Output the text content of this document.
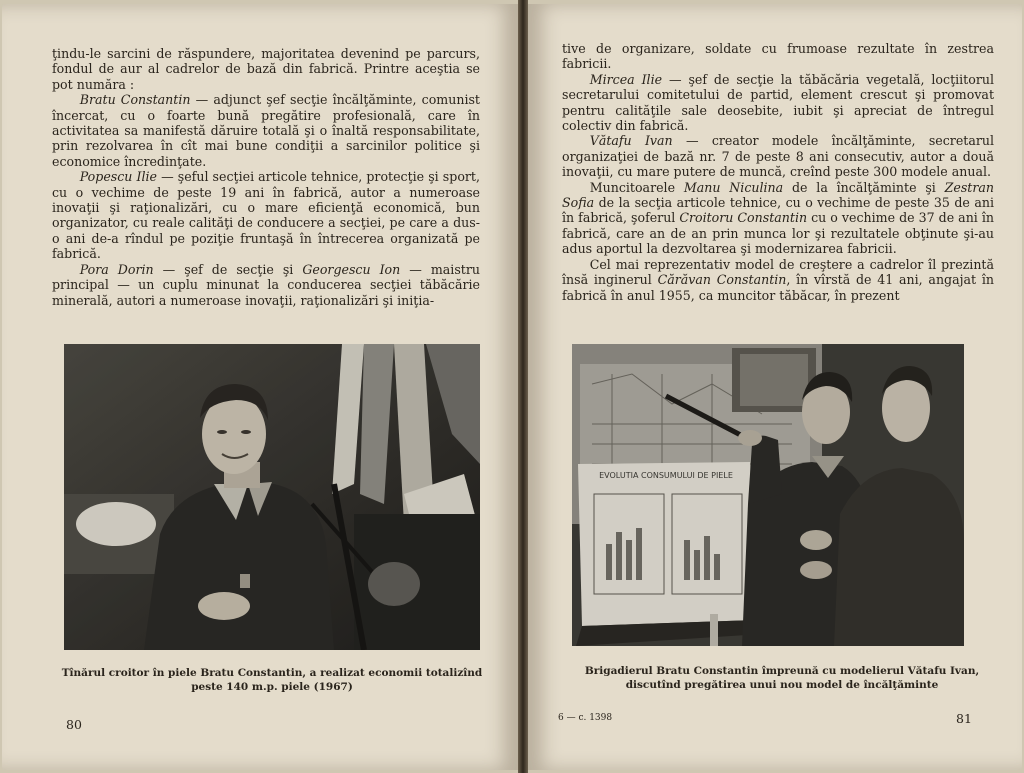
ţindu-le sarcini de răspundere, majoritatea devenind pe parcurs, fondul de aur al cadrelor de bază din fabrică. Printre aceştia se pot număra :

Bratu Constantin — adjunct şef secţie încălţăminte, comunist încercat, cu o foarte bună pregătire profesională, care în activitatea sa manifestă dăruire totală şi o înaltă responsabilitate, prin rezolvarea în cît mai bune condiţii a sarcinilor politice şi economice încredinţate.

Popescu Ilie — şeful secţiei articole tehnice, protecţie şi sport, cu o vechime de peste 19 ani în fabrică, autor a numeroase inovaţii şi raţionalizări, cu o mare eficienţă economică, bun organizator, cu reale calităţi de conducere a secţiei, pe care a dus-o ani de-a rîndul pe poziţie fruntaşă în întrecerea organizată pe fabrică.

Pora Dorin — şef de secţie şi Georgescu Ion — maistru principal — un cuplu minunat la conducerea secţiei tăbăcărie minerală, autori a numeroase inovaţii, raţionalizări şi iniţia-

Tînărul croitor în piele Bratu Constantin, a realizat economii totalizînd peste 140 m.p. piele (1967)
80

tive de organizare, soldate cu frumoase rezultate în zestrea fabricii.

Mircea Ilie — şef de secţie la tăbăcăria vegetală, locţiitorul secretarului comitetului de partid, element crescut şi promovat pentru calităţile sale deosebite, iubit şi apreciat de întregul colectiv din fabrică.

Vătafu Ivan — creator modele încălţăminte, secretarul organizaţiei de bază nr. 7 de peste 8 ani consecutiv, autor a două inovaţii, cu mare putere de muncă, creînd peste 300 modele anual.

Muncitoarele Manu Niculina de la încălţăminte şi Zestran Sofia de la secţia articole tehnice, cu o vechime de peste 35 de ani în fabrică, şoferul Croitoru Constantin cu o vechime de 37 de ani în fabrică, care an de an prin munca lor şi rezultatele obţinute şi-au adus aportul la dezvoltarea şi modernizarea fabricii.

Cel mai reprezentativ model de creştere a cadrelor îl prezintă însă inginerul Cărăvan Constantin, în vîrstă de 41 ani, angajat în fabrică în anul 1955, ca muncitor tăbăcar, în prezent

EVOLUTIA CONSUMULUI DE PIELE
Brigadierul Bratu Constantin împreună cu modelierul Vătafu Ivan, discutînd pregătirea unui nou model de încălţăminte
6 — c. 1398	81
